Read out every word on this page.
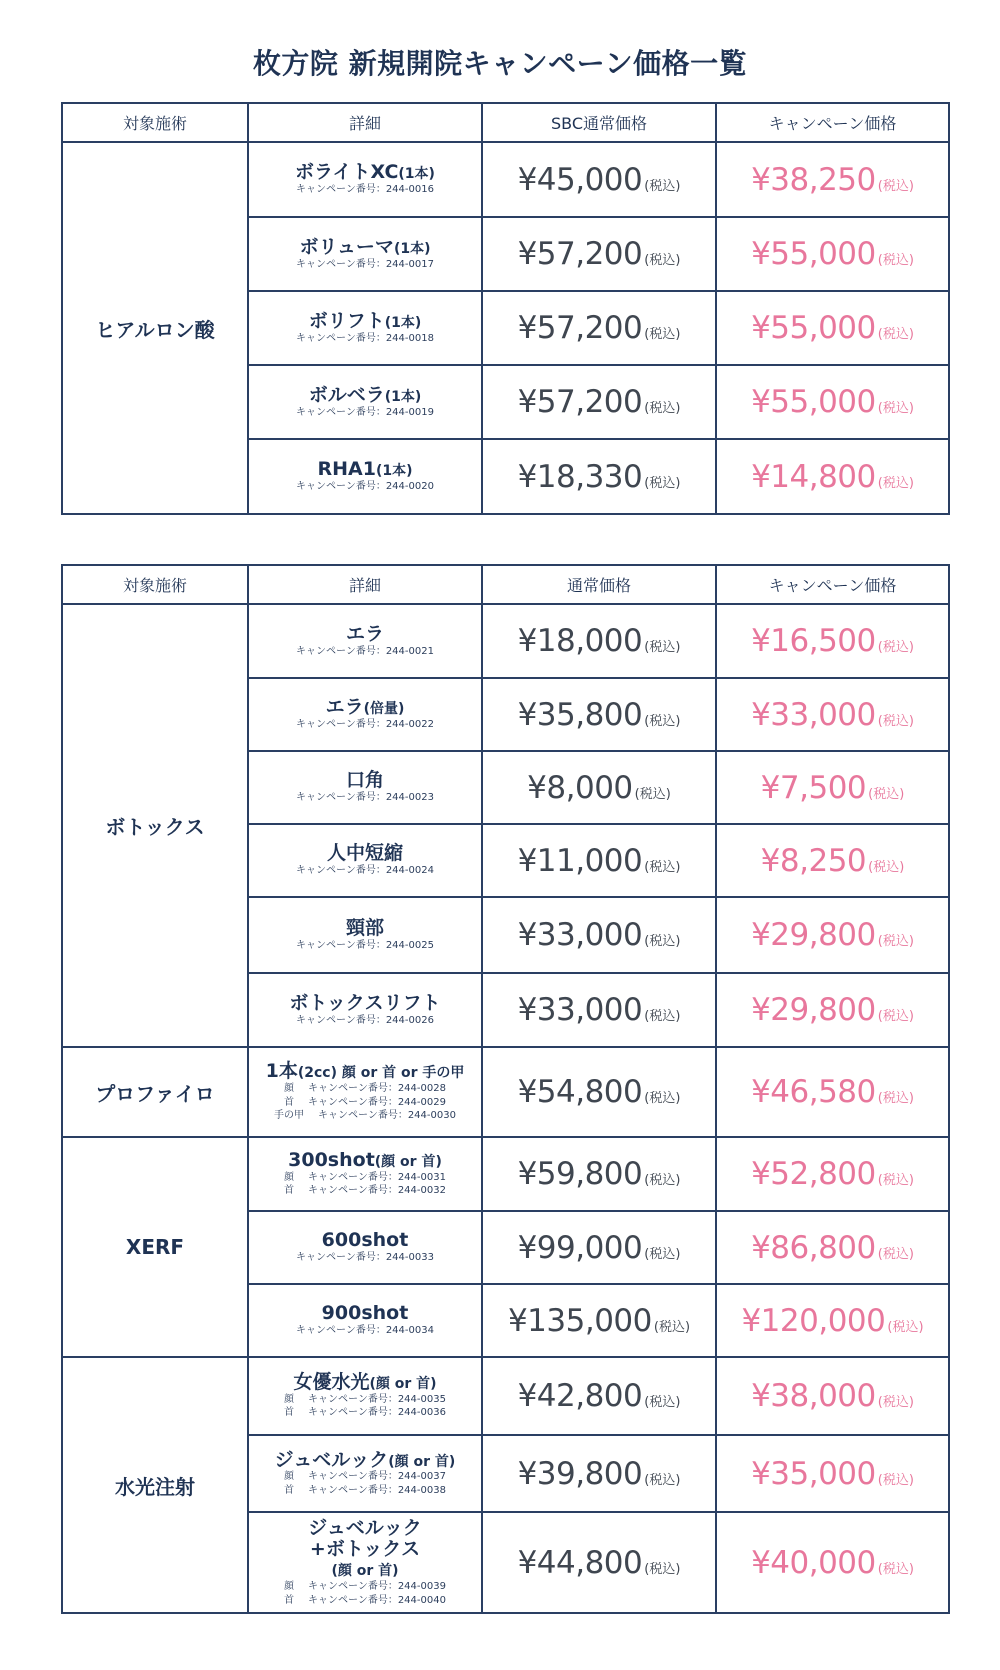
枚方院 新規開院キャンペーン価格一覧
対象施術	詳細	SBC通常価格	キャンペーン価格
ヒアルロン酸	ボライトXC(1本)
キャンペーン番号：244-0016	¥45,000 (税込)	¥38,250 (税込)

	ボリューマ(1本)
キャンペーン番号：244-0017	¥57,200 (税込)	¥55,000 (税込)

	ボリフト(1本)
キャンペーン番号：244-0018	¥57,200 (税込)	¥55,000 (税込)

	ボルベラ(1本)
キャンペーン番号：244-0019	¥57,200 (税込)	¥55,000 (税込)

	RHA1(1本)
キャンペーン番号：244-0020	¥18,330 (税込)	¥14,800 (税込)
対象施術	詳細	通常価格	キャンペーン価格
ボトックス	エラ
キャンペーン番号：244-0021	¥18,000 (税込)	¥16,500 (税込)

	エラ(倍量)
キャンペーン番号：244-0022	¥35,800 (税込)	¥33,000 (税込)

	口角
キャンペーン番号：244-0023	¥8,000 (税込)	¥7,500 (税込)

	人中短縮
キャンペーン番号：244-0024	¥11,000 (税込)	¥8,250 (税込)

	頸部
キャンペーン番号：244-0025	¥33,000 (税込)	¥29,800 (税込)

	ボトックスリフト
キャンペーン番号：244-0026	¥33,000 (税込)	¥29,800 (税込)
プロファイロ	1本(2cc) 顔 or 首 or 手の甲
顔 キャンペーン番号：244-0028
首 キャンペーン番号：244-0029
手の甲 キャンペーン番号：244-0030	¥54,800 (税込)	¥46,580 (税込)
XERF	300shot(顔 or 首)
顔 キャンペーン番号：244-0031
首 キャンペーン番号：244-0032	¥59,800 (税込)	¥52,800 (税込)

	600shot
キャンペーン番号：244-0033	¥99,000 (税込)	¥86,800 (税込)

	900shot
キャンペーン番号：244-0034	¥135,000 (税込)	¥120,000 (税込)
水光注射	女優水光(顔 or 首)
顔 キャンペーン番号：244-0035
首 キャンペーン番号：244-0036	¥42,800 (税込)	¥38,000 (税込)

	ジュベルック(顔 or 首)
顔 キャンペーン番号：244-0037
首 キャンペーン番号：244-0038	¥39,800 (税込)	¥35,000 (税込)

	ジュベルック
+ボトックス
(顔 or 首)
顔 キャンペーン番号：244-0039
首 キャンペーン番号：244-0040	¥44,800 (税込)	¥40,000 (税込)
